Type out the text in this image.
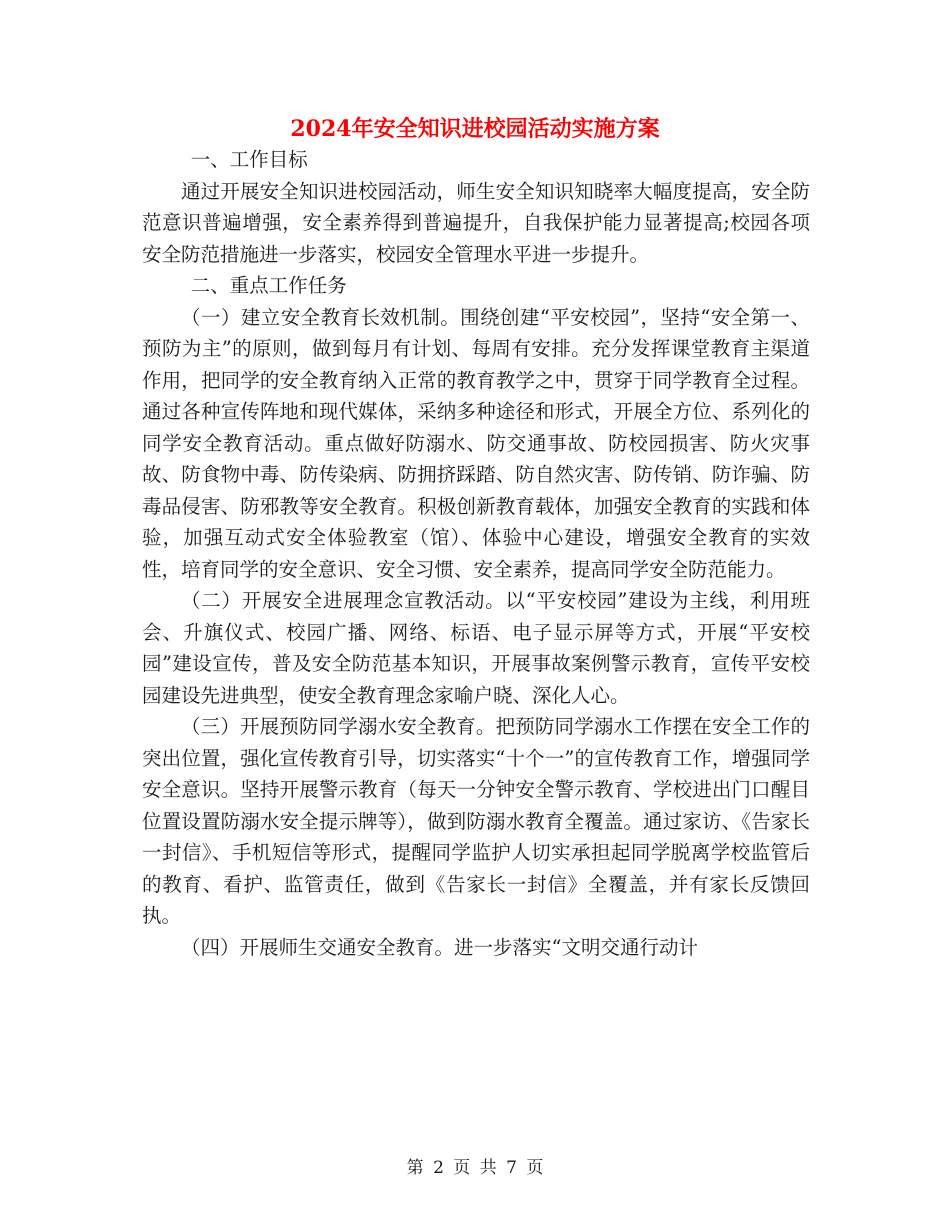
2024年安全知识进校园活动实施方案

一、工作目标

通过开展安全知识进校园活动，师生安全知识知晓率大幅度提高，安全防范意识普遍增强，安全素养得到普遍提升，自我保护能力显著提高;校园各项安全防范措施进一步落实，校园安全管理水平进一步提升。

二、重点工作任务

（一）建立安全教育长效机制。围绕创建“平安校园”，坚持“安全第一、预防为主”的原则，做到每月有计划、每周有安排。充分发挥课堂教育主渠道作用，把同学的安全教育纳入正常的教育教学之中，贯穿于同学教育全过程。通过各种宣传阵地和现代媒体，采纳多种途径和形式，开展全方位、系列化的同学安全教育活动。重点做好防溺水、防交通事故、防校园损害、防火灾事故、防食物中毒、防传染病、防拥挤踩踏、防自然灾害、防传销、防诈骗、防毒品侵害、防邪教等安全教育。积极创新教育载体，加强安全教育的实践和体验，加强互动式安全体验教室（馆）、体验中心建设，增强安全教育的实效性，培育同学的安全意识、安全习惯、安全素养，提高同学安全防范能力。

（二）开展安全进展理念宣教活动。以“平安校园”建设为主线，利用班会、升旗仪式、校园广播、网络、标语、电子显示屏等方式，开展“平安校园”建设宣传，普及安全防范基本知识，开展事故案例警示教育，宣传平安校园建设先进典型，使安全教育理念家喻户晓、深化人心。

（三）开展预防同学溺水安全教育。把预防同学溺水工作摆在安全工作的突出位置，强化宣传教育引导，切实落实“十个一”的宣传教育工作，增强同学安全意识。坚持开展警示教育（每天一分钟安全警示教育、学校进出门口醒目位置设置防溺水安全提示牌等），做到防溺水教育全覆盖。通过家访、《告家长一封信》、手机短信等形式，提醒同学监护人切实承担起同学脱离学校监管后的教育、看护、监管责任，做到《告家长一封信》全覆盖，并有家长反馈回执。

（四）开展师生交通安全教育。进一步落实“文明交通行动计

第 2 页 共 7 页
